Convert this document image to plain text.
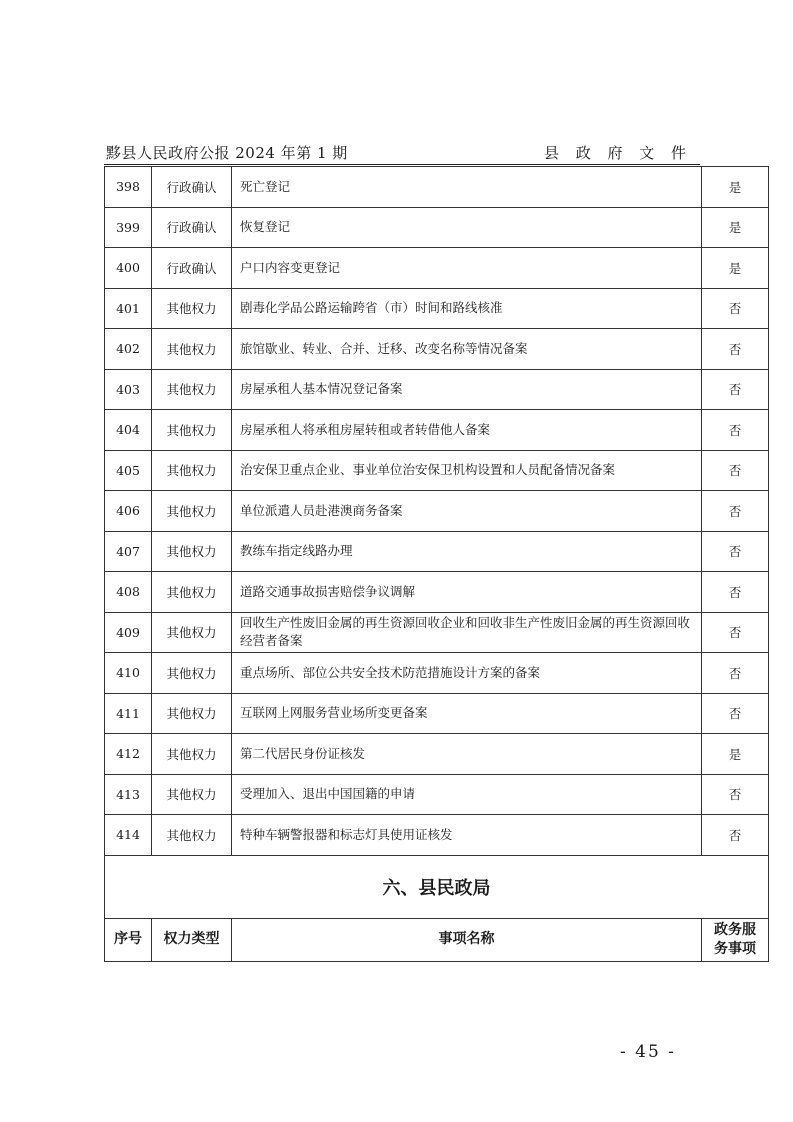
黟县人民政府公报 2024 年第 1 期	县 政 府 文 件
398	行政确认	死亡登记	是
399	行政确认	恢复登记	是
400	行政确认	户口内容变更登记	是
401	其他权力	剧毒化学品公路运输跨省（市）时间和路线核准	否
402	其他权力	旅馆歇业、转业、合并、迁移、改变名称等情况备案	否
403	其他权力	房屋承租人基本情况登记备案	否
404	其他权力	房屋承租人将承租房屋转租或者转借他人备案	否
405	其他权力	治安保卫重点企业、事业单位治安保卫机构设置和人员配备情况备案	否
406	其他权力	单位派遣人员赴港澳商务备案	否
407	其他权力	教练车指定线路办理	否
408	其他权力	道路交通事故损害赔偿争议调解	否
409	其他权力	回收生产性废旧金属的再生资源回收企业和回收非生产性废旧金属的再生资源回收经营者备案	否
410	其他权力	重点场所、部位公共安全技术防范措施设计方案的备案	否
411	其他权力	互联网上网服务营业场所变更备案	否
412	其他权力	第二代居民身份证核发	是
413	其他权力	受理加入、退出中国国籍的申请	否
414	其他权力	特种车辆警报器和标志灯具使用证核发	否
六、县民政局			
序号	权力类型	事项名称	政务服务事项
- 45 -
